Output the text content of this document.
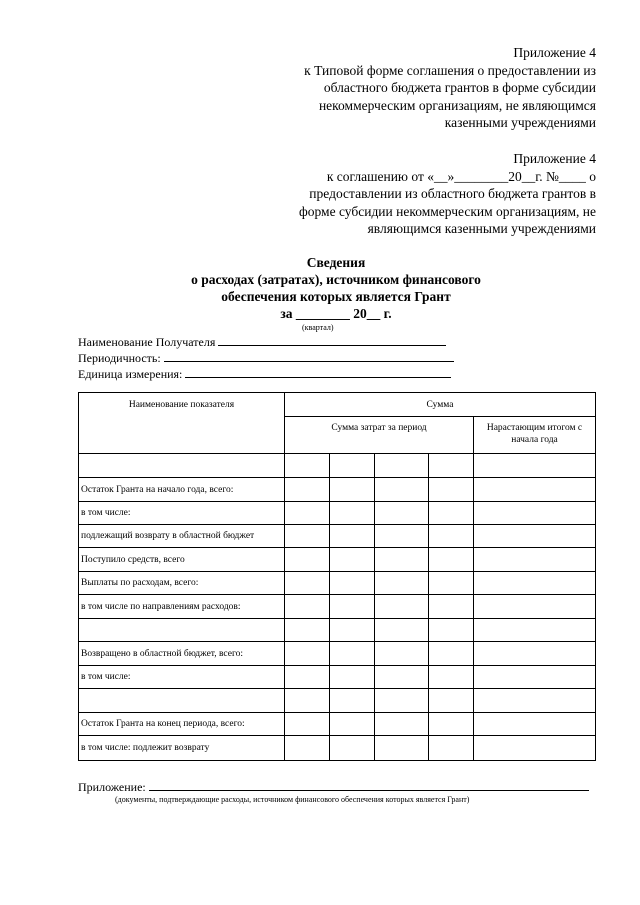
Приложение 4
к Типовой форме соглашения о предоставлении из
областного бюджета грантов в форме субсидии
некоммерческим организациям, не являющимся
казенными учреждениями
Приложение 4
к соглашению от «__»________20__г. №____ о
предоставлении из областного бюджета грантов в
форме субсидии некоммерческим организациям, не
являющимся казенными учреждениями
Сведения
о расходах (затратах), источником финансового
обеспечения которых является Грант
за ________ 20__ г.
(квартал)
Наименование Получателя
Периодичность:
Единица измерения:
Наименование показателя	Сумма				
	Сумма затрат за период				Нарастающим итогом с начала года

Остаток Гранта на начало года, всего:					
в том числе:					
подлежащий возврату в областной бюджет					
Поступило средств, всего					
Выплаты по расходам, всего:					
в том числе по направлениям расходов:					

Возвращено в областной бюджет, всего:					
в том числе:					

Остаток Гранта на конец периода, всего:					
в том числе: подлежит возврату					
Приложение:
(документы, подтверждающие расходы, источником финансового обеспечения которых является Грант)
